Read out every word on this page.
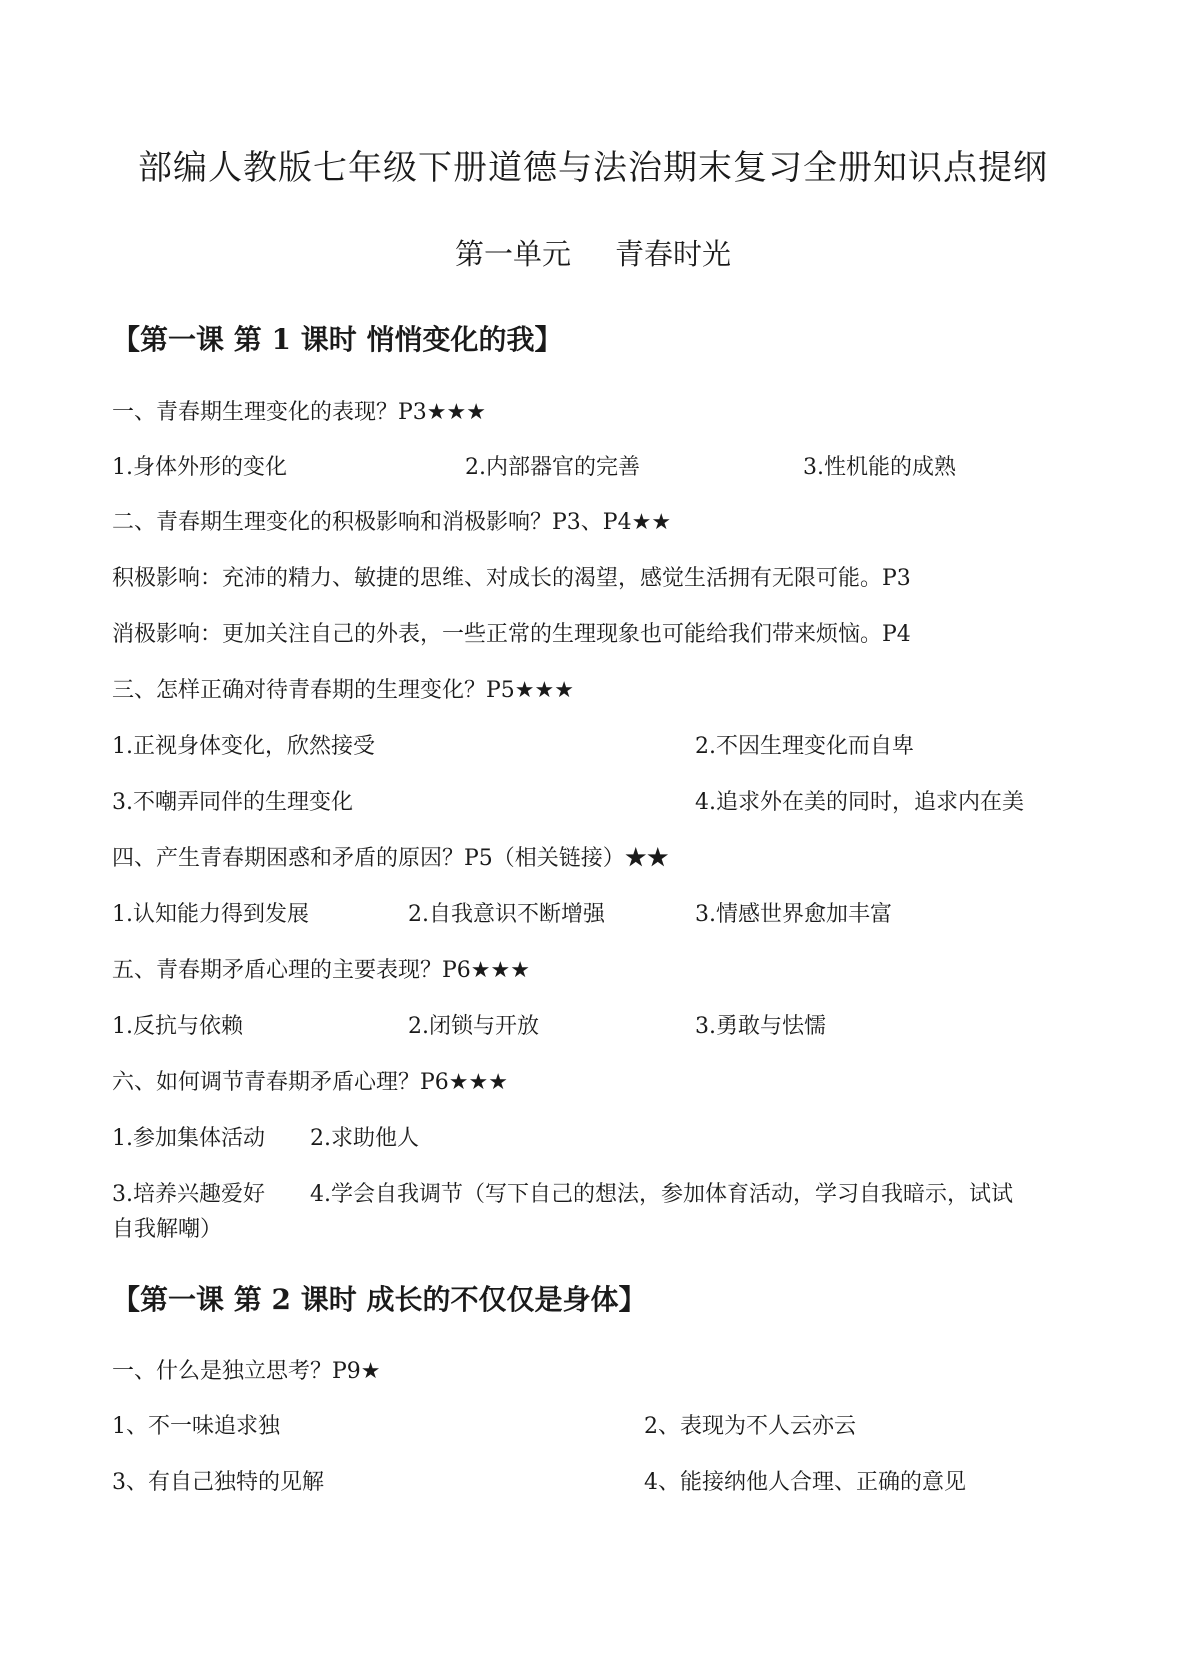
部编人教版七年级下册道德与法治期末复习全册知识点提纲
第一单元 青春时光
【第一课 第 1 课时 悄悄变化的我】
一、青春期生理变化的表现？P3★★★
1.身体外形的变化	2.内部器官的完善	3.性机能的成熟
二、青春期生理变化的积极影响和消极影响？P3、P4★★
积极影响：充沛的精力、敏捷的思维、对成长的渴望，感觉生活拥有无限可能。P3
消极影响：更加关注自己的外表，一些正常的生理现象也可能给我们带来烦恼。P4
三、怎样正确对待青春期的生理变化？P5★★★
1.正视身体变化，欣然接受	2.不因生理变化而自卑
3.不嘲弄同伴的生理变化	4.追求外在美的同时，追求内在美
四、产生青春期困惑和矛盾的原因？P5（相关链接）★★
1.认知能力得到发展	2.自我意识不断增强	3.情感世界愈加丰富
五、青春期矛盾心理的主要表现？P6★★★
1.反抗与依赖	2.闭锁与开放	3.勇敢与怯懦
六、如何调节青春期矛盾心理？P6★★★
1.参加集体活动 2.求助他人
3.培养兴趣爱好 4.学会自我调节（写下自己的想法，参加体育活动，学习自我暗示，试试
自我解嘲）
【第一课 第 2 课时 成长的不仅仅是身体】
一、什么是独立思考？P9★
1、不一味追求独	2、表现为不人云亦云
3、有自己独特的见解	4、能接纳他人合理、正确的意见
